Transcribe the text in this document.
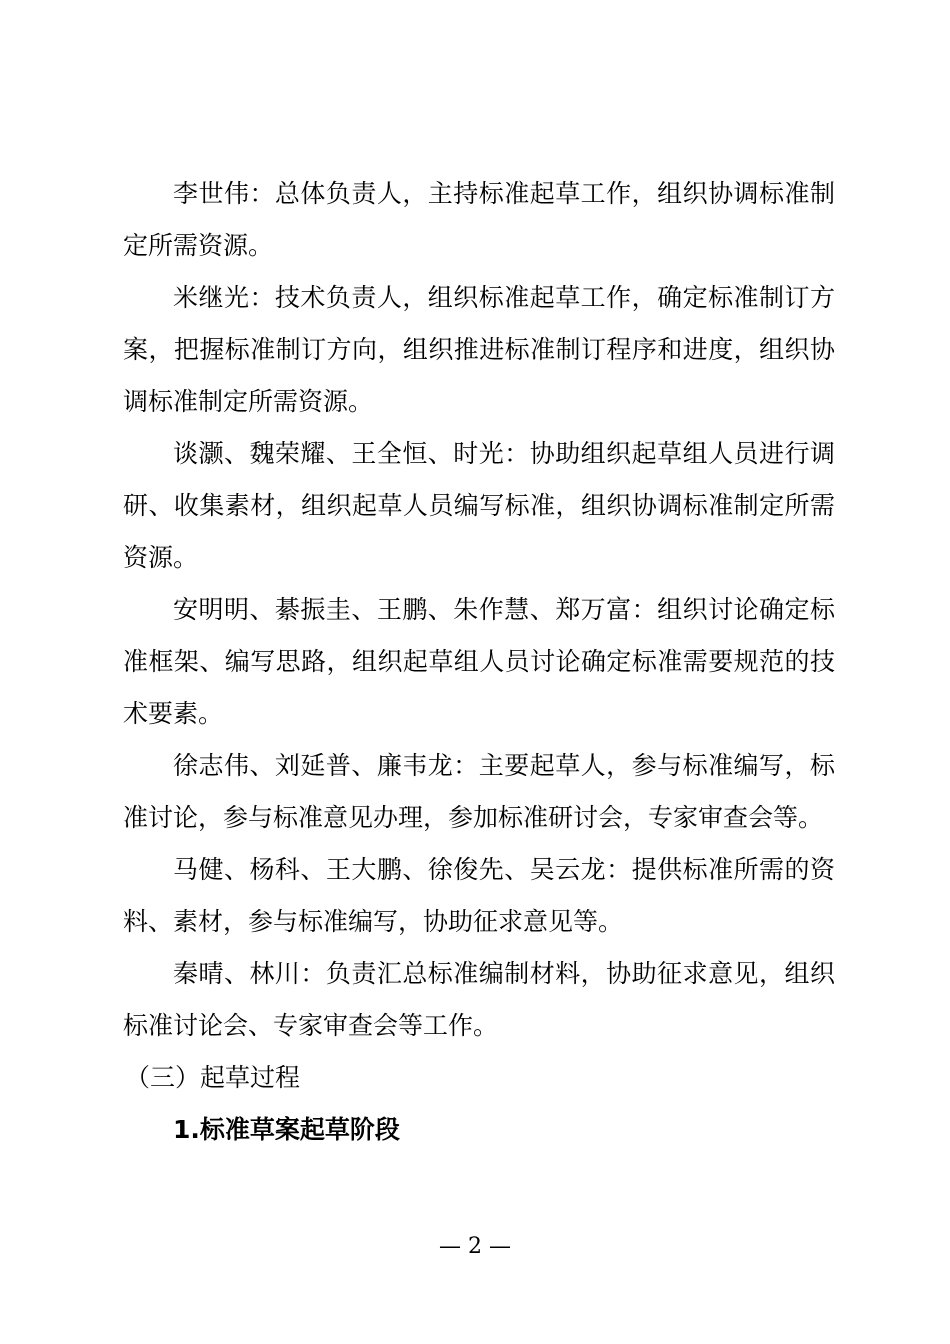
李世伟：总体负责人，主持标准起草工作，组织协调标准制定所需资源。

米继光：技术负责人，组织标准起草工作，确定标准制订方案，把握标准制订方向，组织推进标准制订程序和进度，组织协调标准制定所需资源。

谈灏、魏荣耀、王全恒、时光：协助组织起草组人员进行调研、收集素材，组织起草人员编写标准，组织协调标准制定所需资源。

安明明、綦振圭、王鹏、朱作慧、郑万富：组织讨论确定标准框架、编写思路，组织起草组人员讨论确定标准需要规范的技术要素。

徐志伟、刘延普、廉韦龙：主要起草人，参与标准编写，标准讨论，参与标准意见办理，参加标准研讨会，专家审查会等。

马健、杨科、王大鹏、徐俊先、吴云龙：提供标准所需的资料、素材，参与标准编写，协助征求意见等。

秦晴、林川：负责汇总标准编制材料，协助征求意见，组织标准讨论会、专家审查会等工作。

（三）起草过程

1.标准草案起草阶段

— 2 —
